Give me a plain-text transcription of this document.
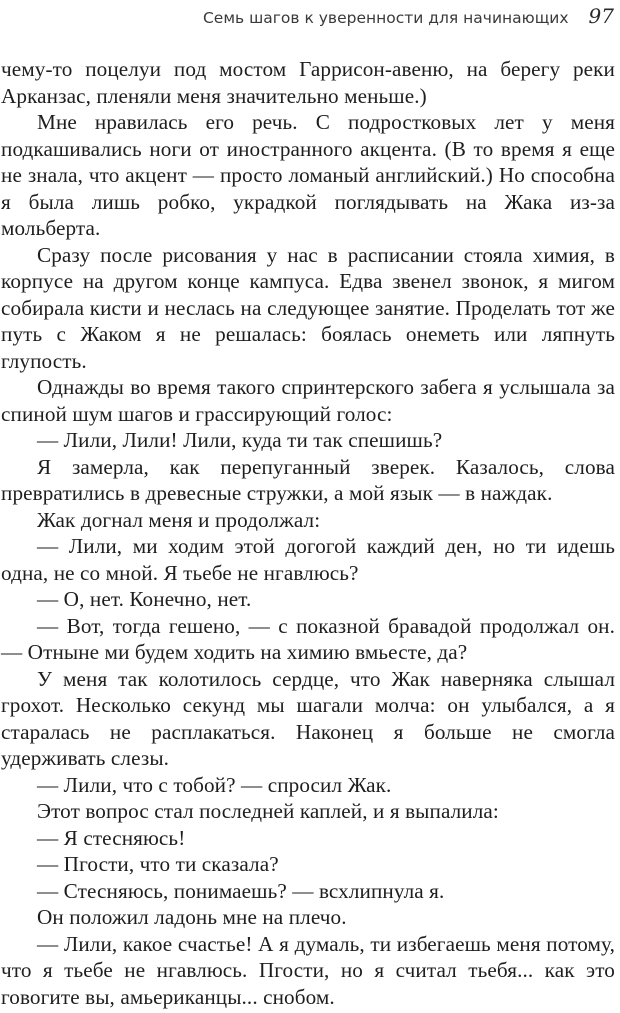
Семь шагов к уверенности для начинающих 97

чему-то поцелуи под мостом Гаррисон-авеню, на берегу реки Арканзас, пленяли меня значительно меньше.)

Мне нравилась его речь. С подростковых лет у меня подкашивались ноги от иностранного акцента. (В то время я еще не знала, что акцент — просто ломаный английский.) Но способна я была лишь робко, украдкой поглядывать на Жака из-за мольберта.

Сразу после рисования у нас в расписании стояла химия, в корпусе на другом конце кампуса. Едва звенел звонок, я мигом собирала кисти и неслась на следующее занятие. Проделать тот же путь с Жаком я не решалась: боялась онеметь или ляпнуть глупость.

Однажды во время такого спринтерского забега я услышала за спиной шум шагов и грассирующий голос:

— Лили, Лили! Лили, куда ти так спешишь?

Я замерла, как перепуганный зверек. Казалось, слова превратились в древесные стружки, а мой язык — в наждак.

Жак догнал меня и продолжал:

— Лили, ми ходим этой догогой каждий ден, но ти идешь одна, не со мной. Я тьебе не нгавлюсь?

— О, нет. Конечно, нет.

— Вот, тогда гешено, — с показной бравадой продолжал он. — Отныне ми будем ходить на химию вмьесте, да?

У меня так колотилось сердце, что Жак наверняка слышал грохот. Несколько секунд мы шагали молча: он улыбался, а я старалась не расплакаться. Наконец я больше не смогла удерживать слезы.

— Лили, что с тобой? — спросил Жак.

Этот вопрос стал последней каплей, и я выпалила:

— Я стесняюсь!

— Пгости, что ти сказала?

— Стесняюсь, понимаешь? — всхлипнула я.

Он положил ладонь мне на плечо.

— Лили, какое счастье! А я думаль, ти избегаешь меня потому, что я тьебе не нгавлюсь. Пгости, но я считал тьебя... как это говогите вы, амьериканцы... снобом.
